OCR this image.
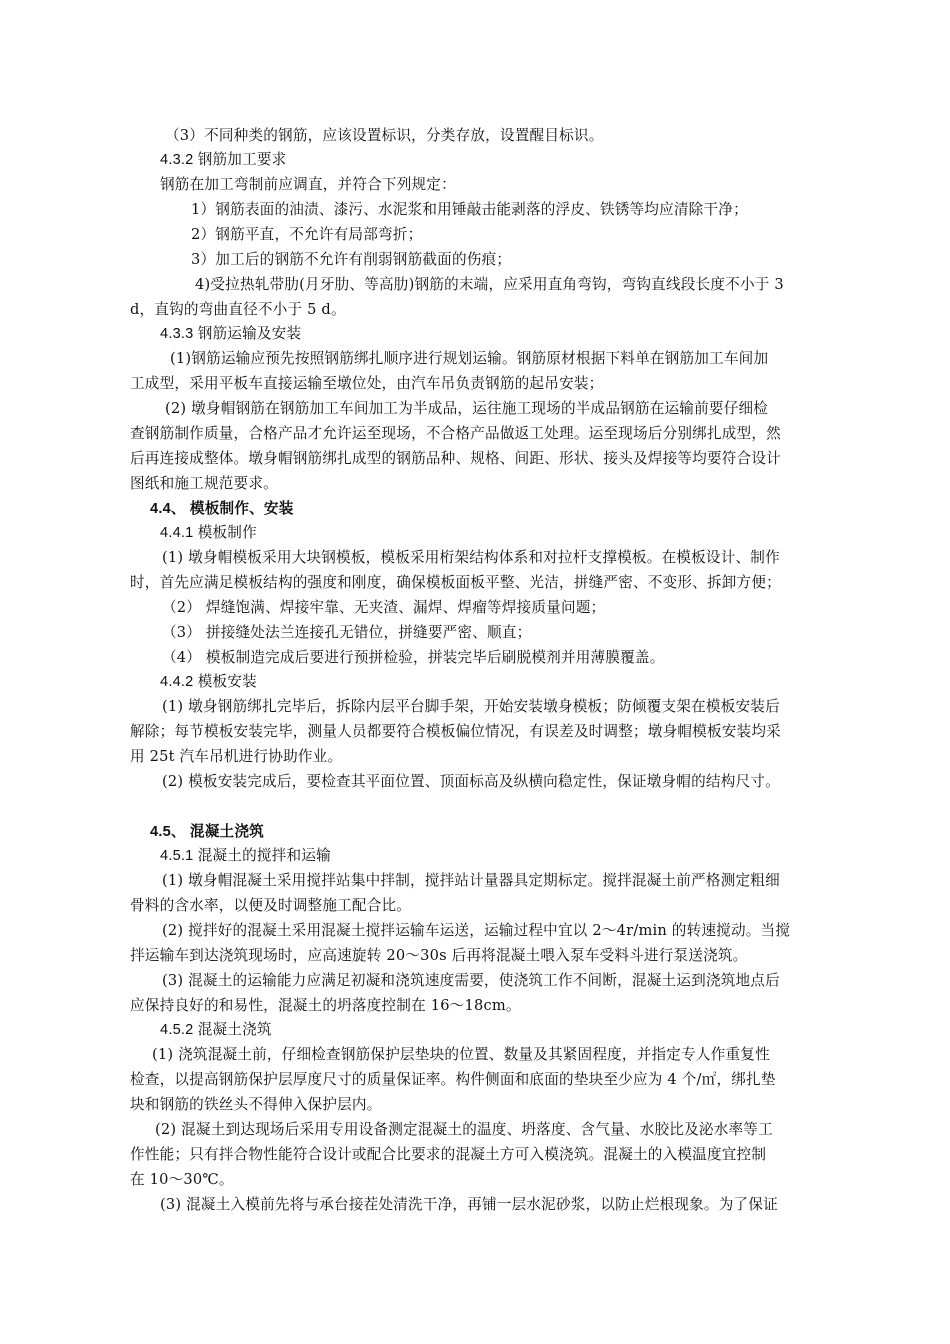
（3）不同种类的钢筋，应该设置标识，分类存放，设置醒目标识。
4.3.2 钢筋加工要求
钢筋在加工弯制前应调直，并符合下列规定：
1）钢筋表面的油渍、漆污、水泥浆和用锤敲击能剥落的浮皮、铁锈等均应清除干净；
2）钢筋平直，不允许有局部弯折；
3）加工后的钢筋不允许有削弱钢筋截面的伤痕；
4)受拉热轧带肋(月牙肋、等高肋)钢筋的末端，应采用直角弯钩，弯钩直线段长度不小于 3
d，直钩的弯曲直径不小于 5 d。
4.3.3 钢筋运输及安装
(1)钢筋运输应预先按照钢筋绑扎顺序进行规划运输。钢筋原材根据下料单在钢筋加工车间加
工成型，采用平板车直接运输至墩位处，由汽车吊负责钢筋的起吊安装；
(2) 墩身帽钢筋在钢筋加工车间加工为半成品，运往施工现场的半成品钢筋在运输前要仔细检
查钢筋制作质量，合格产品才允许运至现场，不合格产品做返工处理。运至现场后分别绑扎成型，然
后再连接成整体。墩身帽钢筋绑扎成型的钢筋品种、规格、间距、形状、接头及焊接等均要符合设计
图纸和施工规范要求。
4.4、 模板制作、安装
4.4.1 模板制作
(1) 墩身帽模板采用大块钢模板，模板采用桁架结构体系和对拉杆支撑模板。在模板设计、制作
时，首先应满足模板结构的强度和刚度，确保模板面板平整、光洁，拼缝严密、不变形、拆卸方便；
（2） 焊缝饱满、焊接牢靠、无夹渣、漏焊、焊瘤等焊接质量问题；
（3） 拼接缝处法兰连接孔无错位，拼缝要严密、顺直；
（4） 模板制造完成后要进行预拼检验，拼装完毕后刷脱模剂并用薄膜覆盖。
4.4.2 模板安装
(1) 墩身钢筋绑扎完毕后，拆除内层平台脚手架，开始安装墩身模板；防倾覆支架在模板安装后
解除；每节模板安装完毕，测量人员都要符合模板偏位情况，有误差及时调整；墩身帽模板安装均采
用 25t 汽车吊机进行协助作业。
(2) 模板安装完成后，要检查其平面位置、顶面标高及纵横向稳定性，保证墩身帽的结构尺寸。
4.5、 混凝土浇筑
4.5.1 混凝土的搅拌和运输
(1) 墩身帽混凝土采用搅拌站集中拌制，搅拌站计量器具定期标定。搅拌混凝土前严格测定粗细
骨料的含水率，以便及时调整施工配合比。
(2) 搅拌好的混凝土采用混凝土搅拌运输车运送，运输过程中宜以 2～4r/min 的转速搅动。当搅
拌运输车到达浇筑现场时，应高速旋转 20～30s 后再将混凝土喂入泵车受料斗进行泵送浇筑。
(3) 混凝土的运输能力应满足初凝和浇筑速度需要，使浇筑工作不间断，混凝土运到浇筑地点后
应保持良好的和易性，混凝土的坍落度控制在 16～18cm。
4.5.2 混凝土浇筑
(1) 浇筑混凝土前，仔细检查钢筋保护层垫块的位置、数量及其紧固程度，并指定专人作重复性
检查，以提高钢筋保护层厚度尺寸的质量保证率。构件侧面和底面的垫块至少应为 4 个/㎡，绑扎垫
块和钢筋的铁丝头不得伸入保护层内。
(2) 混凝土到达现场后采用专用设备测定混凝土的温度、坍落度、含气量、水胶比及泌水率等工
作性能；只有拌合物性能符合设计或配合比要求的混凝土方可入模浇筑。混凝土的入模温度宜控制
在 10～30℃。
(3) 混凝土入模前先将与承台接茬处清洗干净，再铺一层水泥砂浆，以防止烂根现象。为了保证
